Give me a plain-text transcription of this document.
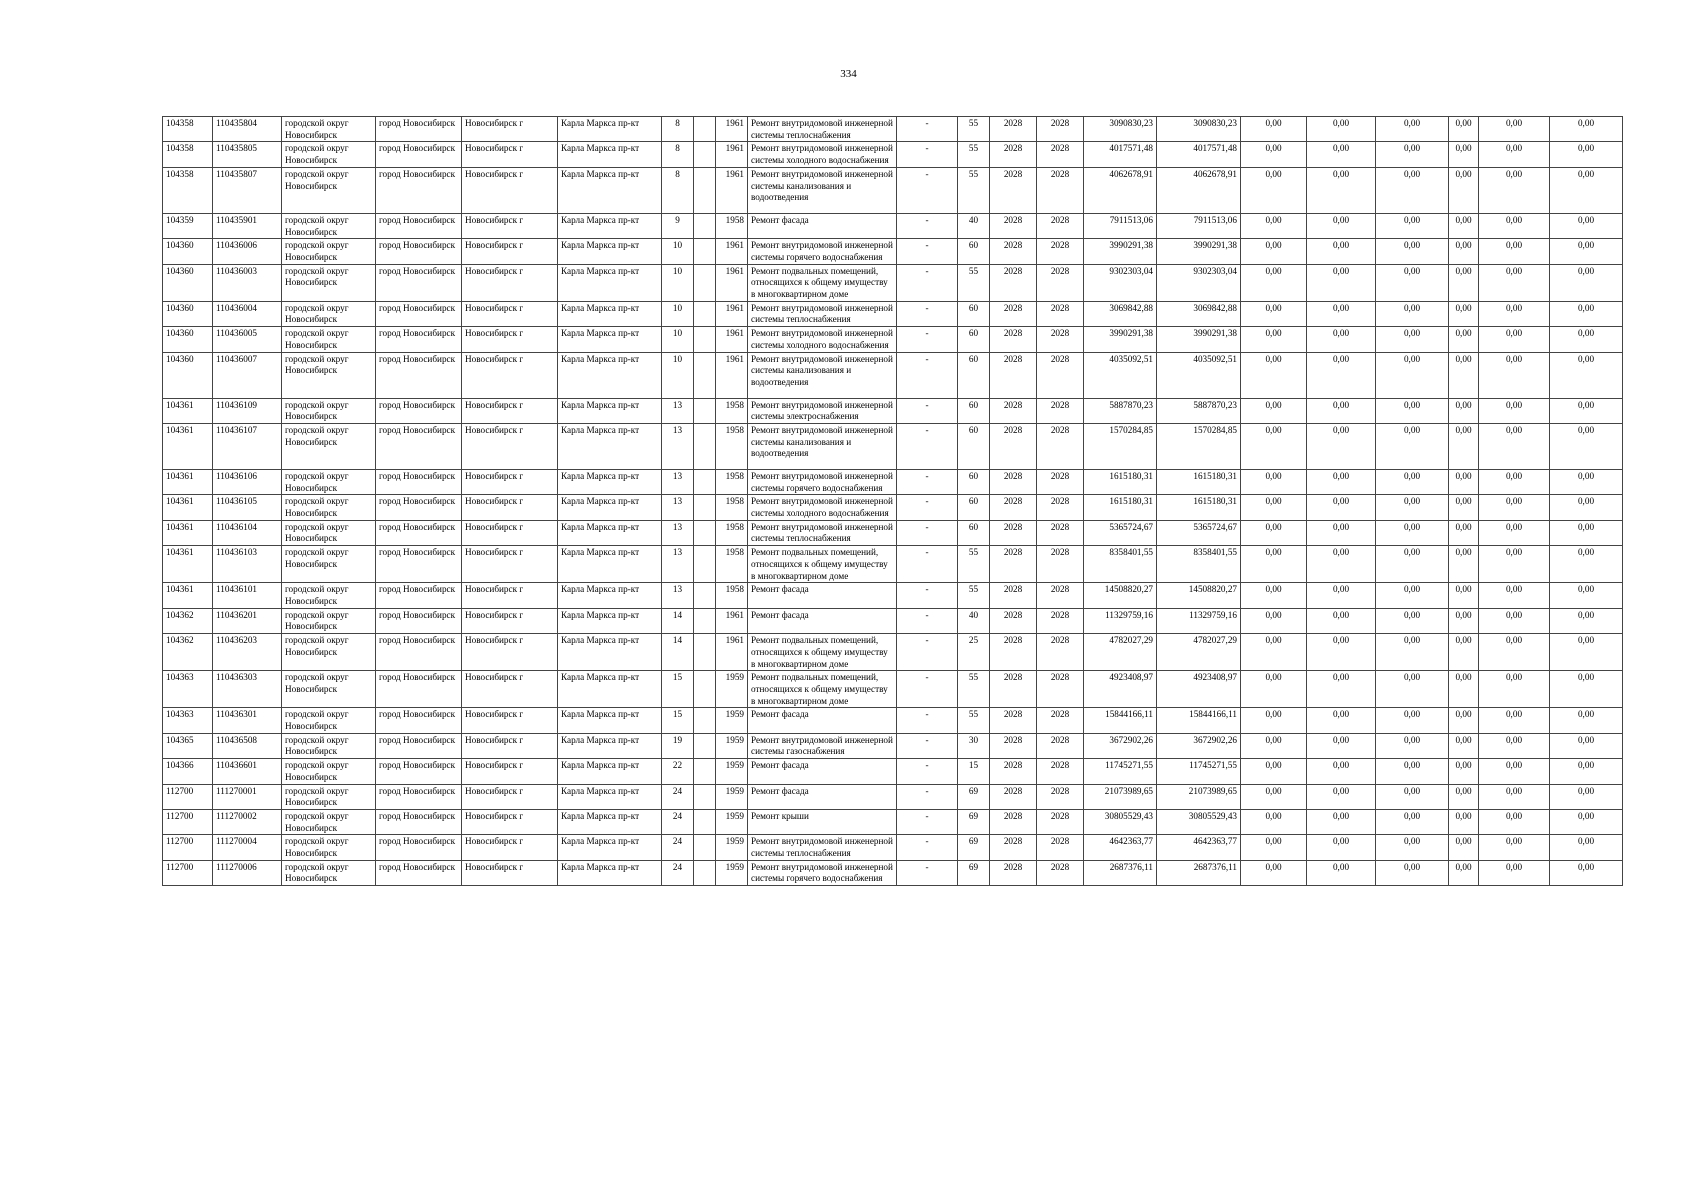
334
104358	110435804	городской округ Новосибирск	город Новосибирск	Новосибирск г	Карла Маркса пр-кт	8		1961	Ремонт внутридомовой инженерной системы теплоснабжения	-	55	2028	2028	3090830,23	3090830,23	0,00	0,00	0,00	0,00	0,00	0,00
104358	110435805	городской округ Новосибирск	город Новосибирск	Новосибирск г	Карла Маркса пр-кт	8		1961	Ремонт внутридомовой инженерной системы холодного водоснабжения	-	55	2028	2028	4017571,48	4017571,48	0,00	0,00	0,00	0,00	0,00	0,00
104358	110435807	городской округ Новосибирск	город Новосибирск	Новосибирск г	Карла Маркса пр-кт	8		1961	Ремонт внутридомовой инженерной системы канализования и водоотведения	-	55	2028	2028	4062678,91	4062678,91	0,00	0,00	0,00	0,00	0,00	0,00
104359	110435901	городской округ Новосибирск	город Новосибирск	Новосибирск г	Карла Маркса пр-кт	9		1958	Ремонт фасада	-	40	2028	2028	7911513,06	7911513,06	0,00	0,00	0,00	0,00	0,00	0,00
104360	110436006	городской округ Новосибирск	город Новосибирск	Новосибирск г	Карла Маркса пр-кт	10		1961	Ремонт внутридомовой инженерной системы горячего водоснабжения	-	60	2028	2028	3990291,38	3990291,38	0,00	0,00	0,00	0,00	0,00	0,00
104360	110436003	городской округ Новосибирск	город Новосибирск	Новосибирск г	Карла Маркса пр-кт	10		1961	Ремонт подвальных помещений, относящихся к общему имуществу в многоквартирном доме	-	55	2028	2028	9302303,04	9302303,04	0,00	0,00	0,00	0,00	0,00	0,00
104360	110436004	городской округ Новосибирск	город Новосибирск	Новосибирск г	Карла Маркса пр-кт	10		1961	Ремонт внутридомовой инженерной системы теплоснабжения	-	60	2028	2028	3069842,88	3069842,88	0,00	0,00	0,00	0,00	0,00	0,00
104360	110436005	городской округ Новосибирск	город Новосибирск	Новосибирск г	Карла Маркса пр-кт	10		1961	Ремонт внутридомовой инженерной системы холодного водоснабжения	-	60	2028	2028	3990291,38	3990291,38	0,00	0,00	0,00	0,00	0,00	0,00
104360	110436007	городской округ Новосибирск	город Новосибирск	Новосибирск г	Карла Маркса пр-кт	10		1961	Ремонт внутридомовой инженерной системы канализования и водоотведения	-	60	2028	2028	4035092,51	4035092,51	0,00	0,00	0,00	0,00	0,00	0,00
104361	110436109	городской округ Новосибирск	город Новосибирск	Новосибирск г	Карла Маркса пр-кт	13		1958	Ремонт внутридомовой инженерной системы электроснабжения	-	60	2028	2028	5887870,23	5887870,23	0,00	0,00	0,00	0,00	0,00	0,00
104361	110436107	городской округ Новосибирск	город Новосибирск	Новосибирск г	Карла Маркса пр-кт	13		1958	Ремонт внутридомовой инженерной системы канализования и водоотведения	-	60	2028	2028	1570284,85	1570284,85	0,00	0,00	0,00	0,00	0,00	0,00
104361	110436106	городской округ Новосибирск	город Новосибирск	Новосибирск г	Карла Маркса пр-кт	13		1958	Ремонт внутридомовой инженерной системы горячего водоснабжения	-	60	2028	2028	1615180,31	1615180,31	0,00	0,00	0,00	0,00	0,00	0,00
104361	110436105	городской округ Новосибирск	город Новосибирск	Новосибирск г	Карла Маркса пр-кт	13		1958	Ремонт внутридомовой инженерной системы холодного водоснабжения	-	60	2028	2028	1615180,31	1615180,31	0,00	0,00	0,00	0,00	0,00	0,00
104361	110436104	городской округ Новосибирск	город Новосибирск	Новосибирск г	Карла Маркса пр-кт	13		1958	Ремонт внутридомовой инженерной системы теплоснабжения	-	60	2028	2028	5365724,67	5365724,67	0,00	0,00	0,00	0,00	0,00	0,00
104361	110436103	городской округ Новосибирск	город Новосибирск	Новосибирск г	Карла Маркса пр-кт	13		1958	Ремонт подвальных помещений, относящихся к общему имуществу в многоквартирном доме	-	55	2028	2028	8358401,55	8358401,55	0,00	0,00	0,00	0,00	0,00	0,00
104361	110436101	городской округ Новосибирск	город Новосибирск	Новосибирск г	Карла Маркса пр-кт	13		1958	Ремонт фасада	-	55	2028	2028	14508820,27	14508820,27	0,00	0,00	0,00	0,00	0,00	0,00
104362	110436201	городской округ Новосибирск	город Новосибирск	Новосибирск г	Карла Маркса пр-кт	14		1961	Ремонт фасада	-	40	2028	2028	11329759,16	11329759,16	0,00	0,00	0,00	0,00	0,00	0,00
104362	110436203	городской округ Новосибирск	город Новосибирск	Новосибирск г	Карла Маркса пр-кт	14		1961	Ремонт подвальных помещений, относящихся к общему имуществу в многоквартирном доме	-	25	2028	2028	4782027,29	4782027,29	0,00	0,00	0,00	0,00	0,00	0,00
104363	110436303	городской округ Новосибирск	город Новосибирск	Новосибирск г	Карла Маркса пр-кт	15		1959	Ремонт подвальных помещений, относящихся к общему имуществу в многоквартирном доме	-	55	2028	2028	4923408,97	4923408,97	0,00	0,00	0,00	0,00	0,00	0,00
104363	110436301	городской округ Новосибирск	город Новосибирск	Новосибирск г	Карла Маркса пр-кт	15		1959	Ремонт фасада	-	55	2028	2028	15844166,11	15844166,11	0,00	0,00	0,00	0,00	0,00	0,00
104365	110436508	городской округ Новосибирск	город Новосибирск	Новосибирск г	Карла Маркса пр-кт	19		1959	Ремонт внутридомовой инженерной системы газоснабжения	-	30	2028	2028	3672902,26	3672902,26	0,00	0,00	0,00	0,00	0,00	0,00
104366	110436601	городской округ Новосибирск	город Новосибирск	Новосибирск г	Карла Маркса пр-кт	22		1959	Ремонт фасада	-	15	2028	2028	11745271,55	11745271,55	0,00	0,00	0,00	0,00	0,00	0,00
112700	111270001	городской округ Новосибирск	город Новосибирск	Новосибирск г	Карла Маркса пр-кт	24		1959	Ремонт фасада	-	69	2028	2028	21073989,65	21073989,65	0,00	0,00	0,00	0,00	0,00	0,00
112700	111270002	городской округ Новосибирск	город Новосибирск	Новосибирск г	Карла Маркса пр-кт	24		1959	Ремонт крыши	-	69	2028	2028	30805529,43	30805529,43	0,00	0,00	0,00	0,00	0,00	0,00
112700	111270004	городской округ Новосибирск	город Новосибирск	Новосибирск г	Карла Маркса пр-кт	24		1959	Ремонт внутридомовой инженерной системы теплоснабжения	-	69	2028	2028	4642363,77	4642363,77	0,00	0,00	0,00	0,00	0,00	0,00
112700	111270006	городской округ Новосибирск	город Новосибирск	Новосибирск г	Карла Маркса пр-кт	24		1959	Ремонт внутридомовой инженерной системы горячего водоснабжения	-	69	2028	2028	2687376,11	2687376,11	0,00	0,00	0,00	0,00	0,00	0,00
